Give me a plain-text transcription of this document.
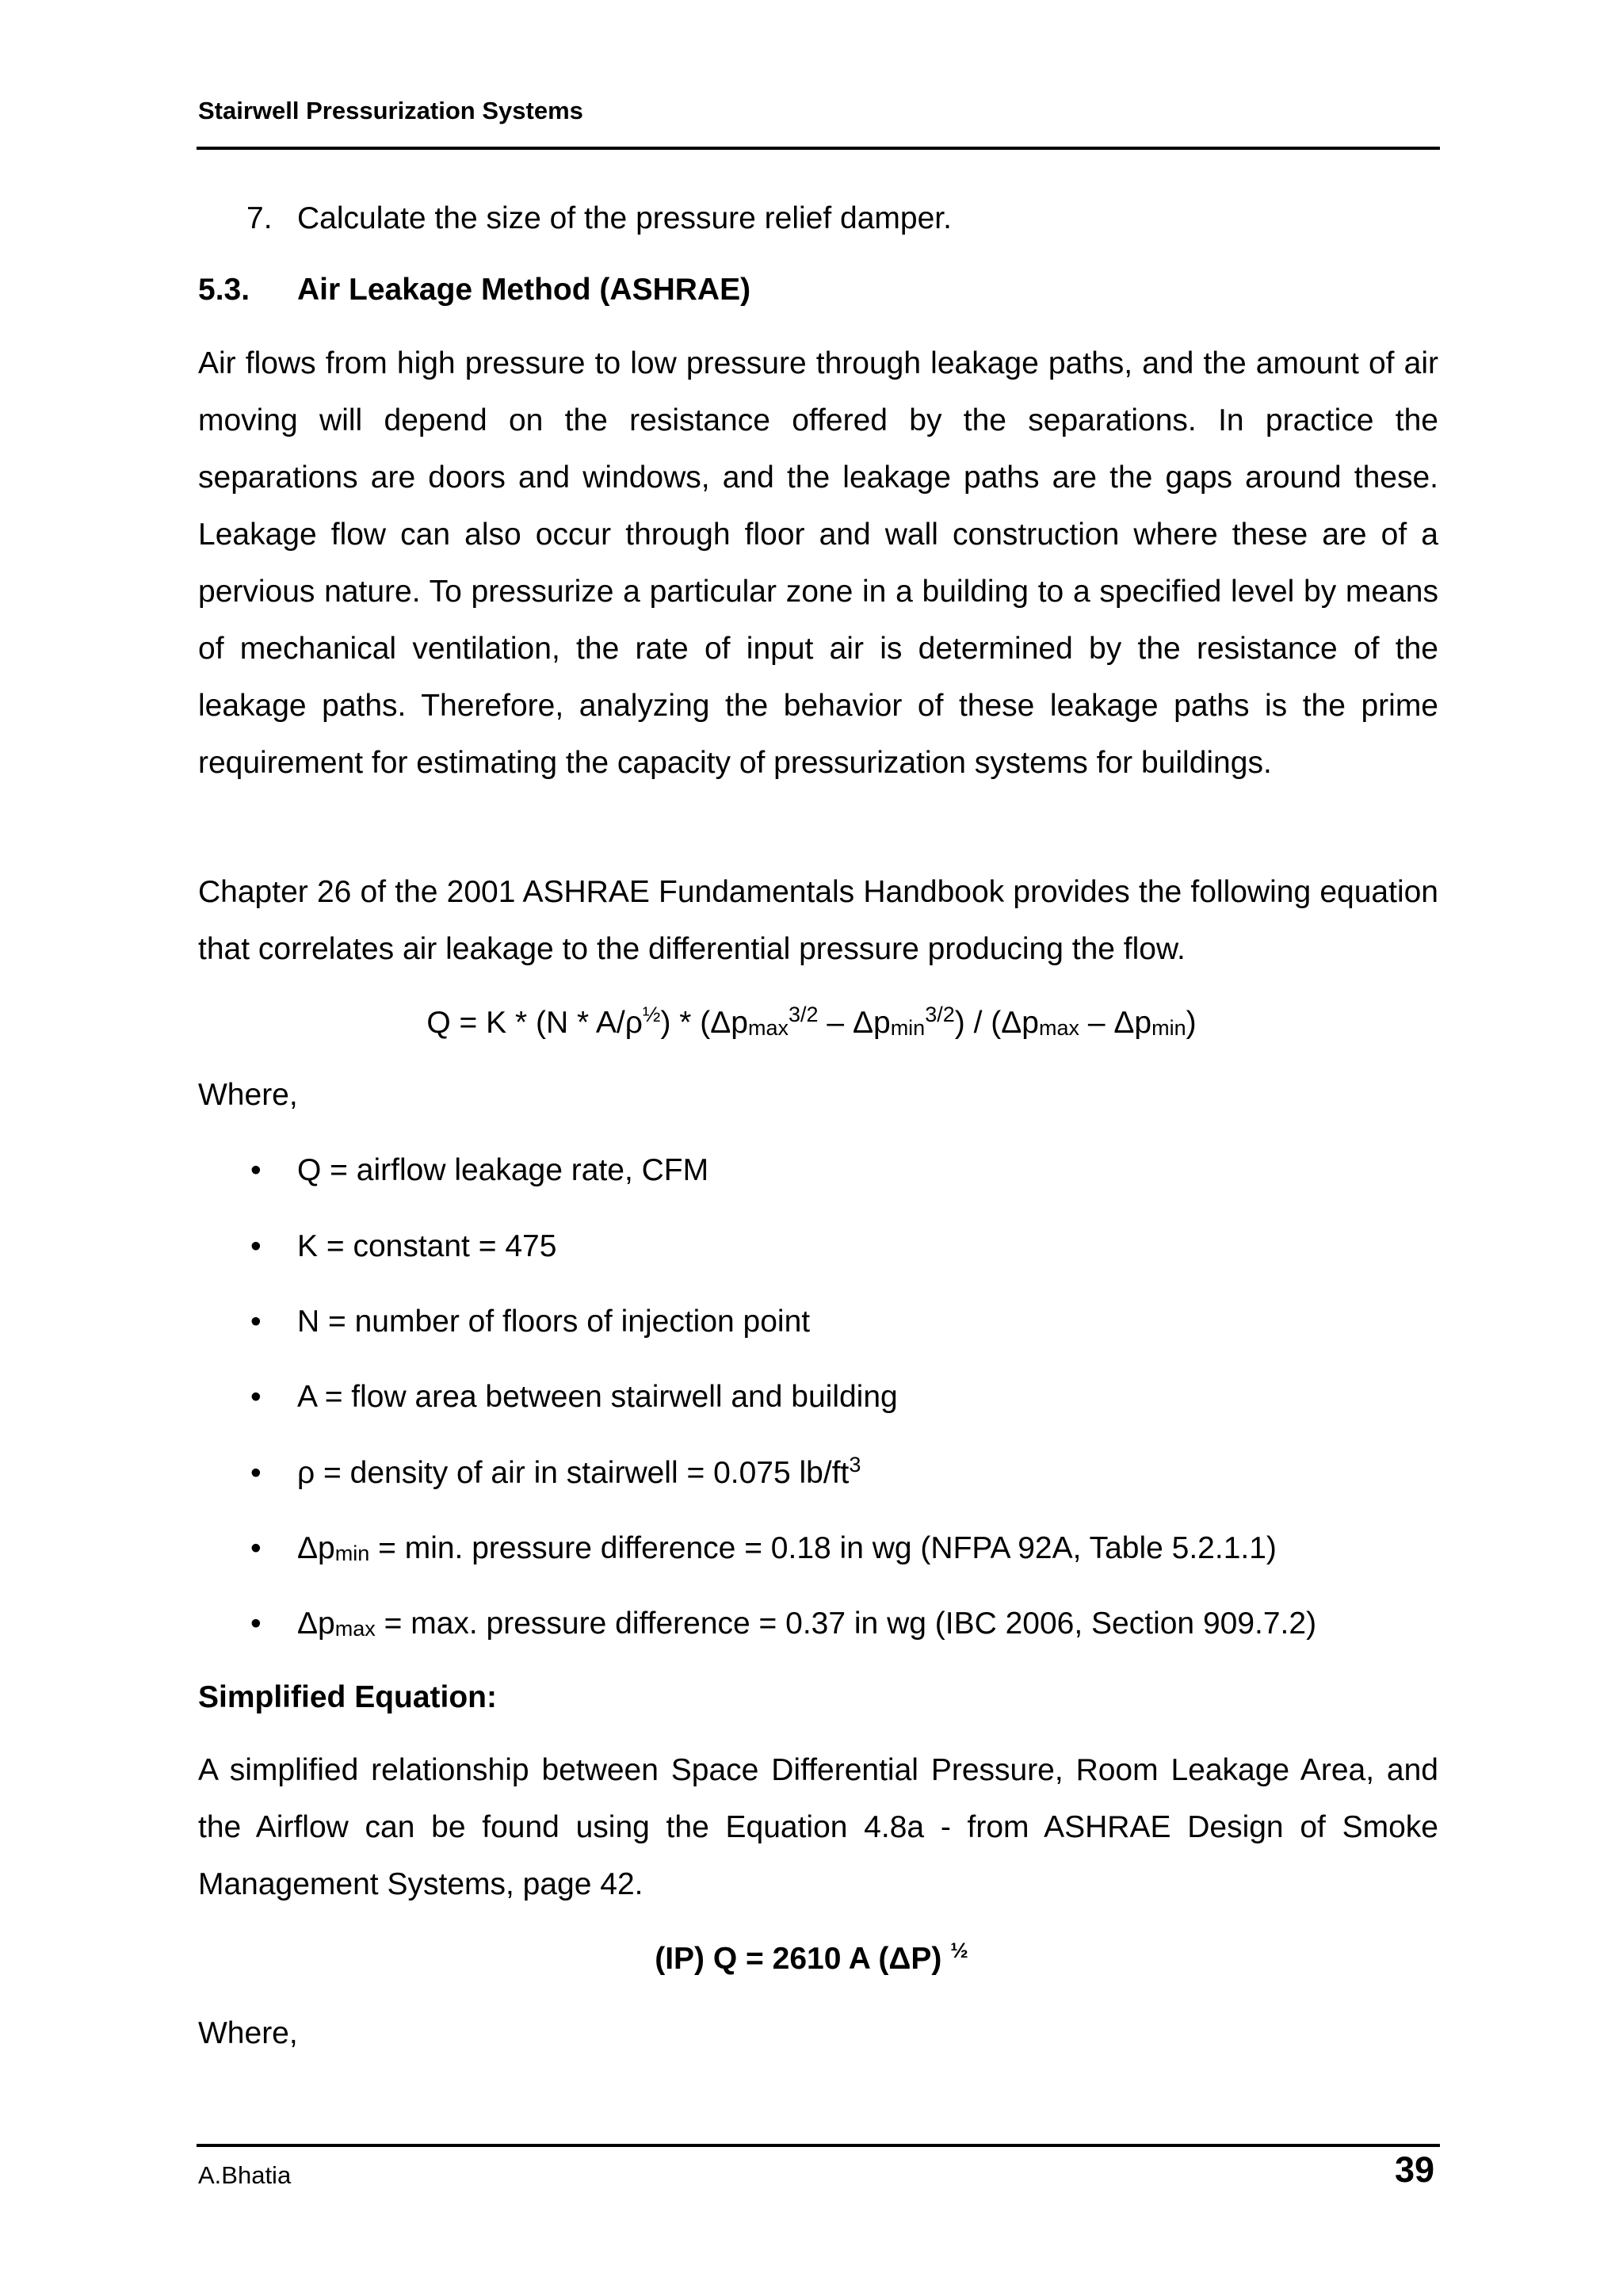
Stairwell Pressurization Systems
7. Calculate the size of the pressure relief damper.
5.3. Air Leakage Method (ASHRAE)
Air flows from high pressure to low pressure through leakage paths, and the amount of air moving will depend on the resistance offered by the separations. In practice the separations are doors and windows, and the leakage paths are the gaps around these. Leakage flow can also occur through floor and wall construction where these are of a pervious nature. To pressurize a particular zone in a building to a specified level by means of mechanical ventilation, the rate of input air is determined by the resistance of the leakage paths. Therefore, analyzing the behavior of these leakage paths is the prime requirement for estimating the capacity of pressurization systems for buildings.
Chapter 26 of the 2001 ASHRAE Fundamentals Handbook provides the following equation that correlates air leakage to the differential pressure producing the flow.
$Q = K * (N * A/\rho^{\frac{1}{2}}) * (\Delta p_{max}^{3/2} - \Delta p_{min}^{3/2}) / (\Delta p_{max} - \Delta p_{min})$
Where,
• Q = airflow leakage rate, CFM
• K = constant = 475
• N = number of floors of injection point
• A = flow area between stairwell and building
• ρ = density of air in stairwell = 0.075 $lb/ft^3$
• $\Delta p_{min} = \min$. pressure difference = 0.18 in wg (NFPA 92A, Table 5.2.1.1)
• $\Delta p_{max} = \max$. pressure difference = 0.37 in wg (IBC 2006, Section 909.7.2)
Simplified Equation:
A simplified relationship between Space Differential Pressure, Room Leakage Area, and the Airflow can be found using the Equation 4.8a - from ASHRAE Design of Smoke Management Systems, page 42.
(IP) Q = 2610 A (ΔP) $^{\frac{1}{2}}$
Where,
A.Bhatia	39
